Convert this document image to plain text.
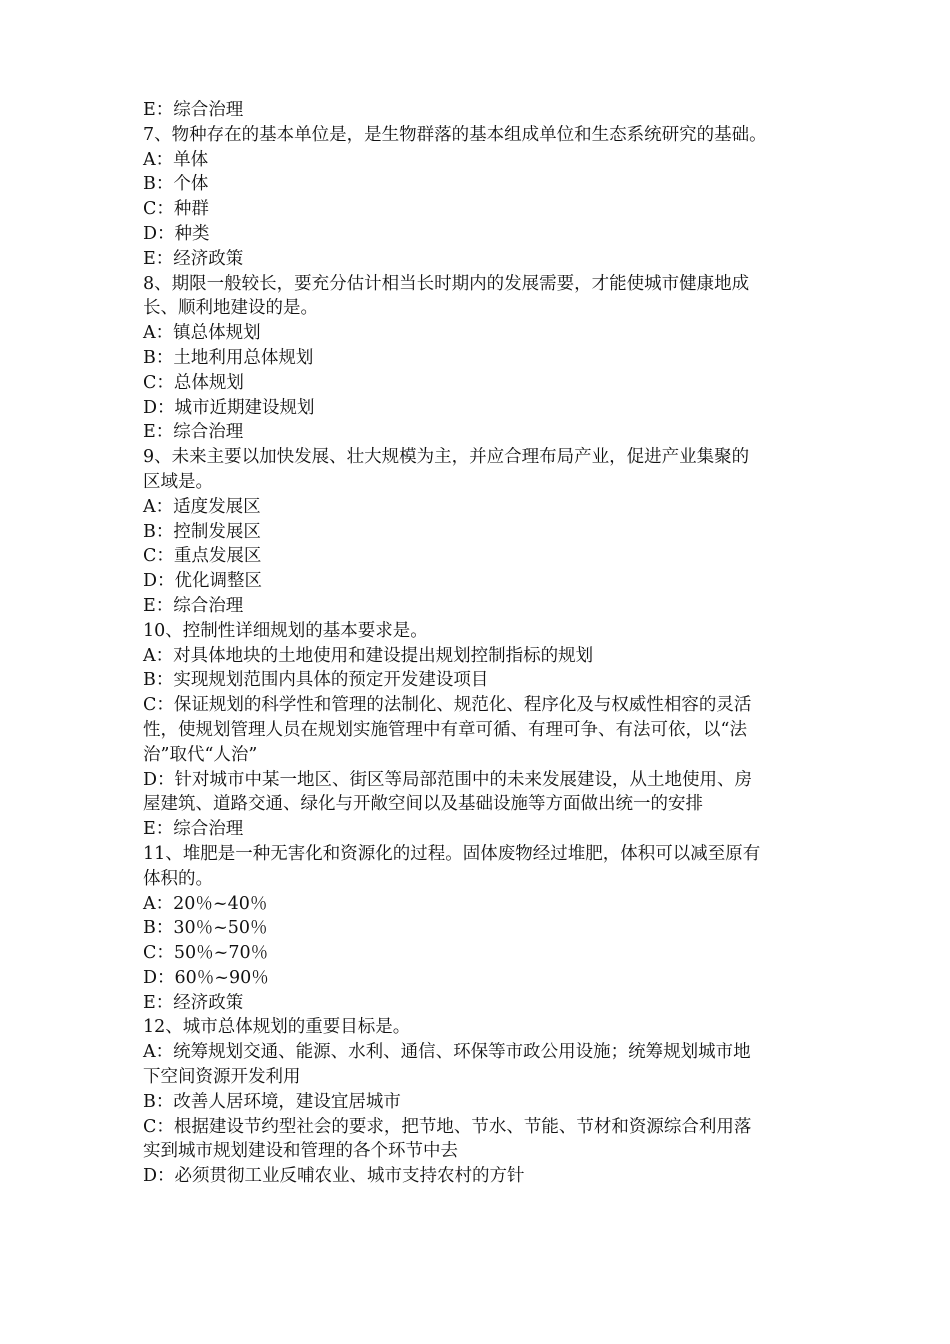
E：综合治理
7、物种存在的基本单位是，是生物群落的基本组成单位和生态系统研究的基础。
A：单体
B：个体
C：种群
D：种类
E：经济政策
8、期限一般较长，要充分估计相当长时期内的发展需要，才能使城市健康地成
长、顺利地建设的是。
A：镇总体规划
B：土地利用总体规划
C：总体规划
D：城市近期建设规划
E：综合治理
9、未来主要以加快发展、壮大规模为主，并应合理布局产业，促进产业集聚的
区域是。
A：适度发展区
B：控制发展区
C：重点发展区
D：优化调整区
E：综合治理
10、控制性详细规划的基本要求是。
A：对具体地块的土地使用和建设提出规划控制指标的规划
B：实现规划范围内具体的预定开发建设项目
C：保证规划的科学性和管理的法制化、规范化、程序化及与权威性相容的灵活
性，使规划管理人员在规划实施管理中有章可循、有理可争、有法可依，以“法
治”取代“人治”
D：针对城市中某一地区、街区等局部范围中的未来发展建设，从土地使用、房
屋建筑、道路交通、绿化与开敞空间以及基础设施等方面做出统一的安排
E：综合治理
11、堆肥是一种无害化和资源化的过程。固体废物经过堆肥，体积可以减至原有
体积的。
A：20％~40％
B：30％~50％
C：50％~70％
D：60％~90％
E：经济政策
12、城市总体规划的重要目标是。
A：统筹规划交通、能源、水利、通信、环保等市政公用设施；统筹规划城市地
下空间资源开发利用
B：改善人居环境，建设宜居城市
C：根据建设节约型社会的要求，把节地、节水、节能、节材和资源综合利用落
实到城市规划建设和管理的各个环节中去
D：必须贯彻工业反哺农业、城市支持农村的方针
